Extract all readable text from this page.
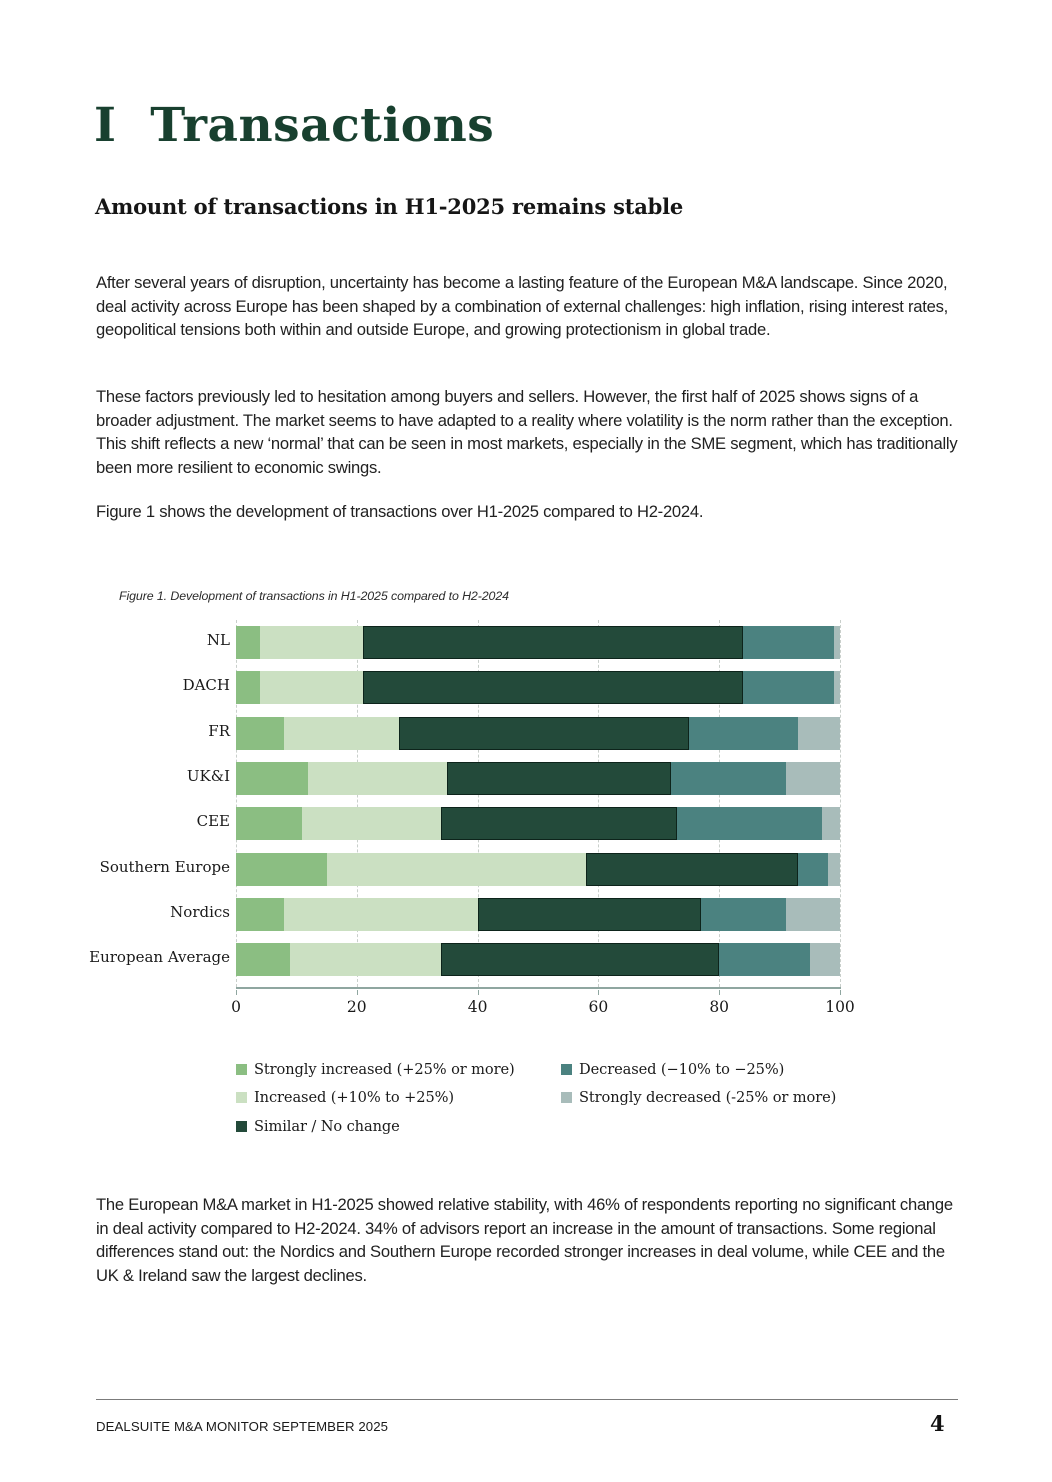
I  Transactions
Amount of transactions in H1-2025 remains stable

After several years of disruption, uncertainty has become a lasting feature of the European M&A landscape. Since 2020, deal activity across Europe has been shaped by a combination of external challenges: high inflation, rising interest rates, geopolitical tensions both within and outside Europe, and growing protectionism in global trade.

These factors previously led to hesitation among buyers and sellers. However, the first half of 2025 shows signs of a broader adjustment. The market seems to have adapted to a reality where volatility is the norm rather than the exception. This shift reflects a new ‘normal’ that can be seen in most markets, especially in the SME segment, which has traditionally been more resilient to economic swings.

Figure 1 shows the development of transactions over H1-2025 compared to H2-2024.

Figure 1. Development of transactions in H1-2025 compared to H2-2024
NL
DACH
FR
UK&I
CEE
Southern Europe
Nordics
European Average
0	20	40	60	80	100
Strongly increased (+25% or more)
Increased (+10% to +25%)
Similar / No change
Decreased (−10% to −25%)
Strongly decreased (-25% or more)

The European M&A market in H1-2025 showed relative stability, with 46% of respondents reporting no significant change in deal activity compared to H2-2024. 34% of advisors report an increase in the amount of transactions. Some regional differences stand out: the Nordics and Southern Europe recorded stronger increases in deal volume, while CEE and the UK & Ireland saw the largest declines.

DEALSUITE M&A MONITOR SEPTEMBER 2025	4
